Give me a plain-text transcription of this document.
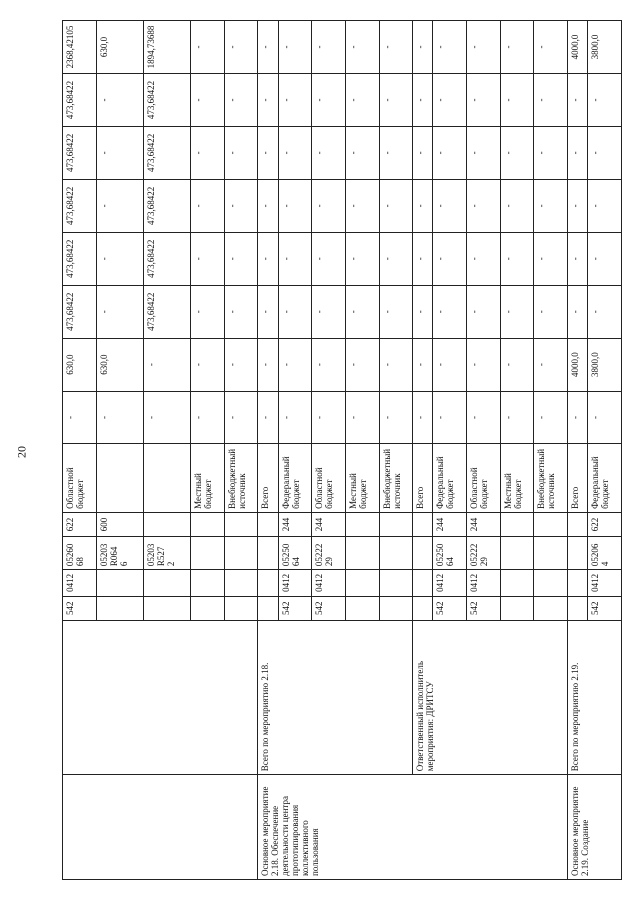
20
		542	0412	05260 68	622	Областной бюджет	-	630,0	473,68422	473,68422	473,68422	473,68422	473,68422	2368,42105
				05203 R064 6	600		-	630,0	-	-	-	-	-	630,0
				05203 R527 2			-	-	473,68422	473,68422	473,68422	473,68422	473,68422	1894,73688
						Местный бюджет	-	-	-	-	-	-	-	-
						Внебюджетный источник	-	-	-	-	-	-	-	-
Основное мероприятие 2.18. Обеспечение деятельности центра прототипирования коллективного пользования	Всего по мероприятию 2.18.					Всего	-	-	-	-	-	-	-	-
		542	0412	05250 64	244	Федеральный бюджет	-	-	-	-	-	-	-	-
		542	0412	05222 29	244	Областной бюджет	-	-	-	-	-	-	-	-
						Местный бюджет	-	-	-	-	-	-	-	-
						Внебюджетный источник	-	-	-	-	-	-	-	-
	Ответственный исполнитель мероприятия: ДРИТСУ					Всего	-	-	-	-	-	-	-	-
		542	0412	05250 64	244	Федеральный бюджет	-	-	-	-	-	-	-	-
		542	0412	05222 29	244	Областной бюджет	-	-	-	-	-	-	-	-
						Местный бюджет	-	-	-	-	-	-	-	-
						Внебюджетный источник	-	-	-	-	-	-	-	-
Основное мероприятие 2.19. Создание	Всего по мероприятию 2.19.					Всего	-	4000,0	-	-	-	-	-	4000,0
		542	0412	05206 4	622	Федеральный бюджет	-	3800,0	-	-	-	-	-	3800,0
